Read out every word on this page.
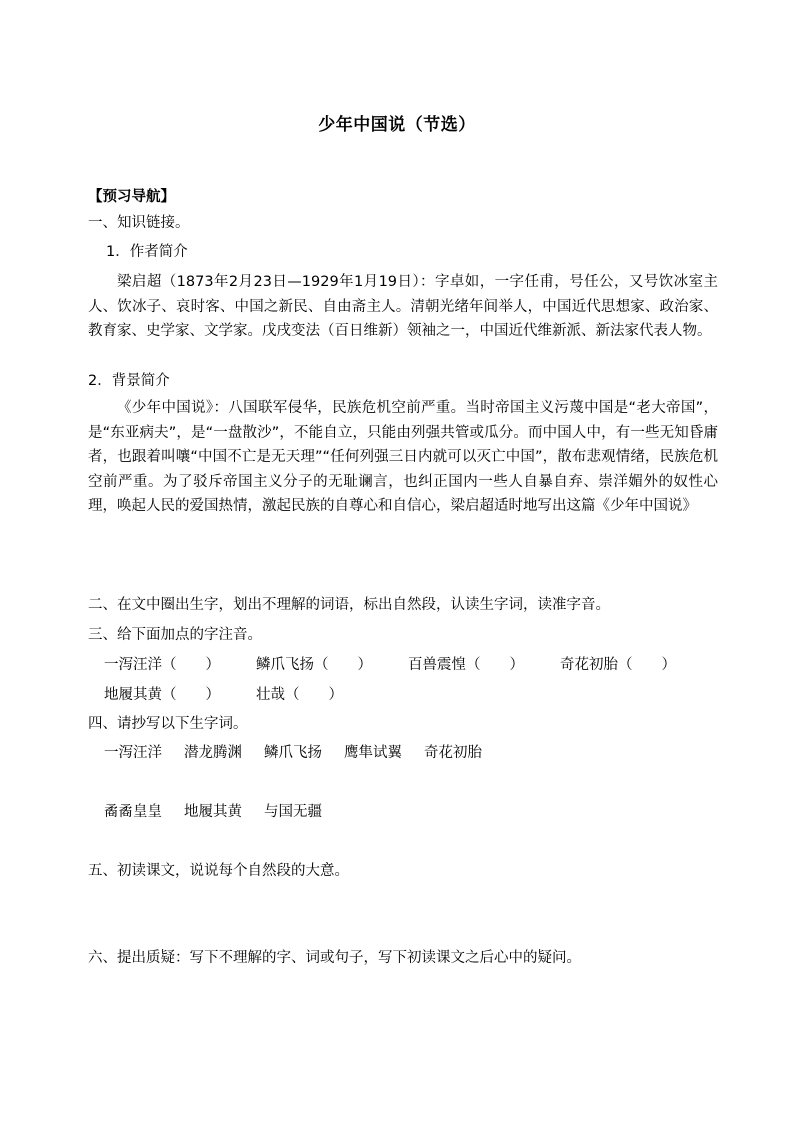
少年中国说（节选）
【预习导航】
一、知识链接。
1．作者简介
梁启超（1873年2月23日—1929年1月19日）：字卓如，一字任甫，号任公，又号饮冰室主人、饮冰子、哀时客、中国之新民、自由斋主人。清朝光绪年间举人，中国近代思想家、政治家、教育家、史学家、文学家。戊戌变法（百日维新）领袖之一，中国近代维新派、新法家代表人物。
2．背景简介
《少年中国说》：八国联军侵华，民族危机空前严重。当时帝国主义污蔑中国是“老大帝国”，是“东亚病夫”，是“一盘散沙”，不能自立，只能由列强共管或瓜分。而中国人中，有一些无知昏庸者，也跟着叫嚷“中国不亡是无天理”“任何列强三日内就可以灭亡中国”，散布悲观情绪，民族危机空前严重。为了驳斥帝国主义分子的无耻谰言，也纠正国内一些人自暴自弃、崇洋媚外的奴性心理，唤起人民的爱国热情，激起民族的自尊心和自信心，梁启超适时地写出这篇《少年中国说》
二、在文中圈出生字，划出不理解的词语，标出自然段，认读生字词，读准字音。
三、给下面加点的字注音。
一泻汪洋（　　） 鳞爪飞扬（　　） 百兽震惶（　　） 奇花初胎（　　）
地履其黄（　　） 壮哉（　　）
四、请抄写以下生字词。
一泻汪洋 潜龙腾渊 鳞爪飞扬 鹰隼试翼 奇花初胎
矞矞皇皇 地履其黄 与国无疆
五、初读课文，说说每个自然段的大意。
六、提出质疑：写下不理解的字、词或句子，写下初读课文之后心中的疑问。
